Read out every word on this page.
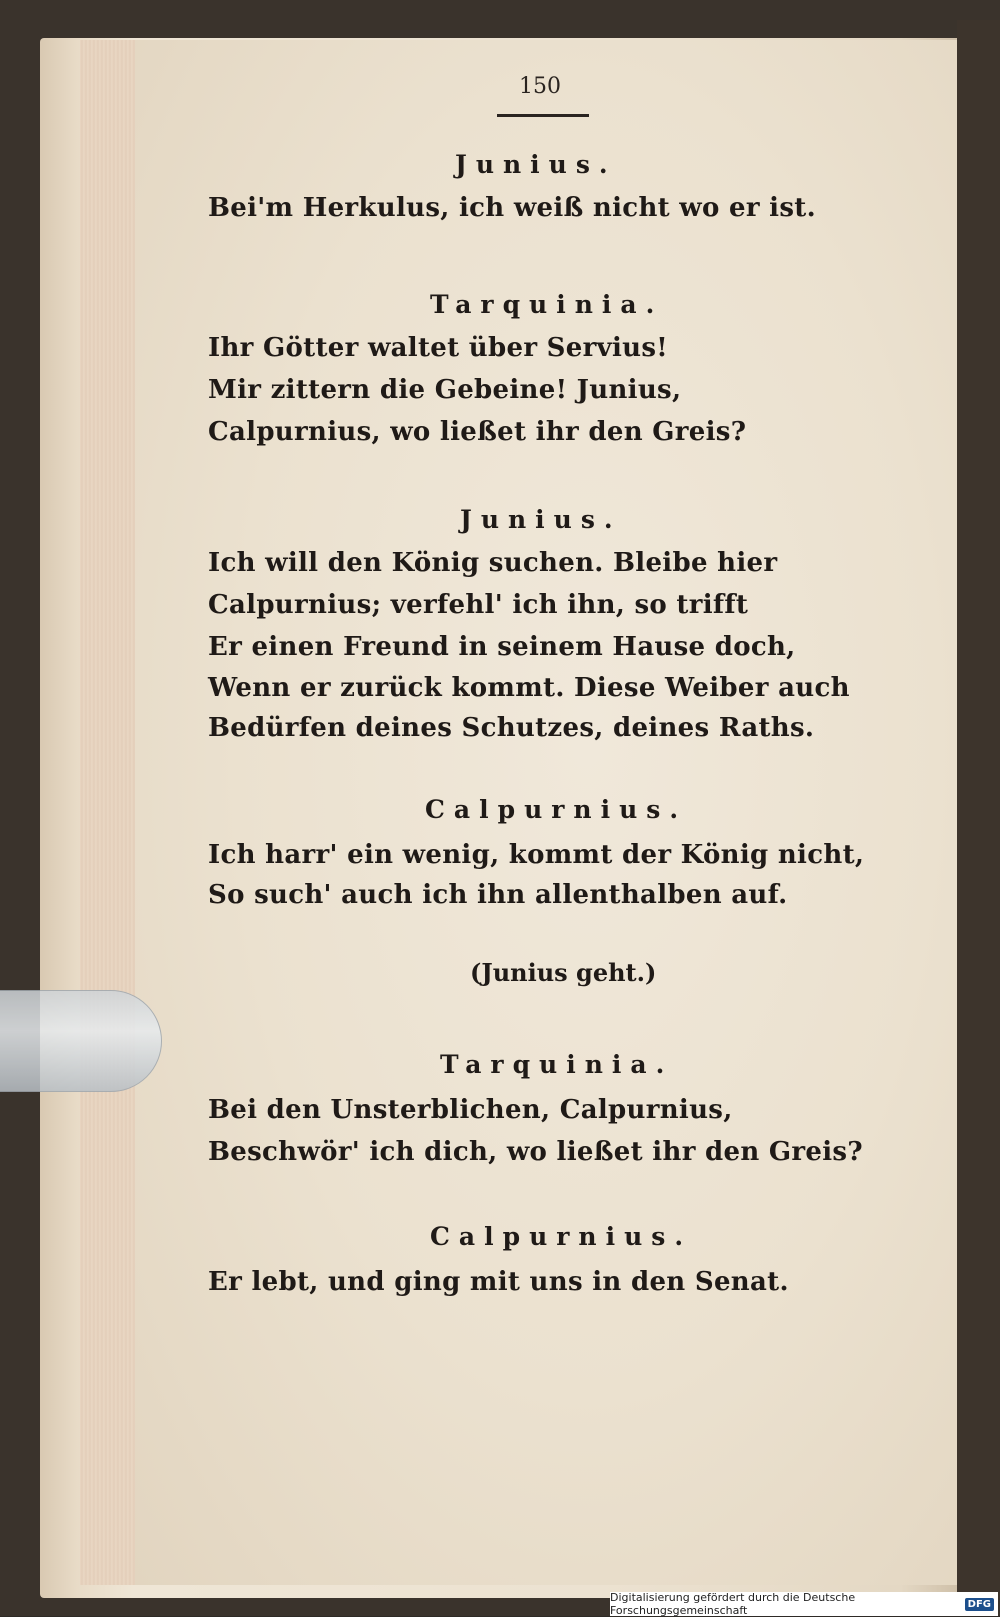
150
Junius.
Bei'm Herkulus, ich weiß nicht wo er ist.
Tarquinia.
Ihr Götter waltet über Servius!
Mir zittern die Gebeine! Junius,
Calpurnius, wo ließet ihr den Greis?
Junius.
Ich will den König suchen. Bleibe hier
Calpurnius; verfehl' ich ihn, so trifft
Er einen Freund in seinem Hause doch,
Wenn er zurück kommt. Diese Weiber auch
Bedürfen deines Schutzes, deines Raths.
Calpurnius.
Ich harr' ein wenig, kommt der König nicht,
So such' auch ich ihn allenthalben auf.
(Junius geht.)
Tarquinia.
Bei den Unsterblichen, Calpurnius,
Beschwör' ich dich, wo ließet ihr den Greis?
Calpurnius.
Er lebt, und ging mit uns in den Senat.
Digitalisierung gefördert durch die Deutsche Forschungsgemeinschaft	DFG
